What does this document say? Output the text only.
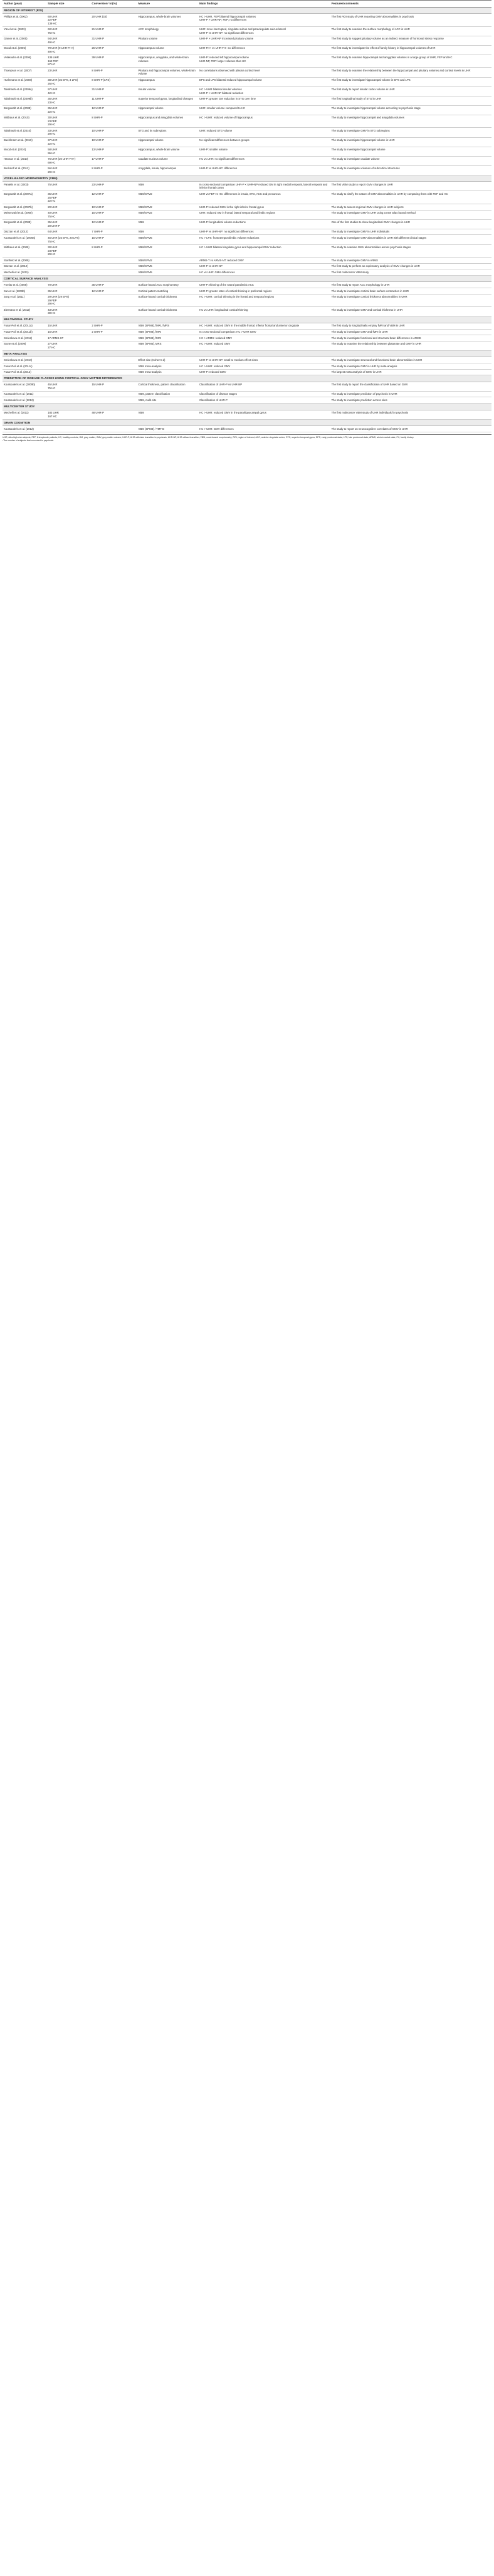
Author (year)	Sample size	Conversion¹ N (%)	Measure	Main findings	Features/comments
REGION OF INTEREST (ROI)					
Phillips et al. (2002)	60 UHR
22 FEP
139 HC	20 UHR (33)	Hippocampus, whole-brain volumes	HC > UHR, FEP bilateral hippocampal volumes
UHR-P > UHR-NP; FEP; no differences	The first ROI study of UHR reporting GMV abnormalities in psychosis
Yücel et al. (2003)	60 UHR
75 HC	21 UHR-P	ACC morphology	UHR: more interrupted, cingulate sulcus and paracingulate sulcus lateral
UHR-P vs UHR-NP: no significant differences	The first study to examine the surface morphology of ACC in UHR
Garner et al. (2005)	94 UHR
49 HC	31 UHR-P	Pituitary volume	UHR-P > UHR-NP increased pituitary volume	The first study to suggest pituitary volume as an indirect measure of hormonal stress response
Wood et al. (2005)	79 UHR (9 UHR-FH+)
49 HC	26 UHR-P	Hippocampus volume	UHR-FH+ vs UHR-FH-: no differences	The first study to investigate the effect of family history in hippocampal volumes of UHR
Velakoulis et al. (2006)	135 UHR
162 FEP
87 HC	39 UHR-P	Hippocampus, amygdala, and whole-brain volumes	UHR-P: reduced left hippocampal volume
UHR-NP, FEP: larger volumes than HC	The first study to examine hippocampal and amygdala volumes in a large group of UHR, FEP and HC
Thompson et al. (2007)	23 UHR	8 UHR-P	Pituitary and hippocampal volumes, whole-brain volume	No correlations observed with plasma cortisol level	The first study to examine the relationship between the hippocampal and pituitary volumes and cortisol levels in UHR
Hurlemann et al. (2008)	38 UHR (35 EPS, 3 LPS)
26 HC	8 UHR-P (LPS)	Hippocampus	EPS and LPS bilateral reduced hippocampal volume	The first study to investigate hippocampal volume in EPS and LPS
Takahashi et al. (2009a)	97 UHR
42 HC	31 UHR-P	Insular volume	HC > UHR bilateral insular volumes
UHR-P > UHR-NP bilateral reduction	The first study to report insular cortex volume in UHR
Takahashi et al. (2009b)	35 UHR
23 HC	11 UHR-P	Superior temporal gyrus, longitudinal changes	UHR-P: greater GM reduction in STG over time	The first longitudinal study of STG in UHR
Borgwardt et al. (2008)	35 UHR
22 HC	12 UHR-P	Hippocampal volume	UHR: smaller volume compared to HC	The study to investigate hippocampal volume according to psychosis stage
Witthaus et al. (2010)	30 UHR
23 FEP
29 HC	8 UHR-P	Hippocampus and amygdala volumes	HC > UHR: reduced volume of hippocampus	The study to investigate hippocampal and amygdala volumes
Takahashi et al. (2010)	33 UHR
29 HC	10 UHR-P	STG and its subregions	UHR: reduced STG volume	The study to investigate GMV in STG subregions
Buehlmann et al. (2010)	37 UHR
22 HC	10 UHR-P	Hippocampal volume	No significant differences between groups	The study to investigate hippocampal volume in UHR
Wood et al. (2010)	58 UHR
95 HC	13 UHR-P	Hippocampus, whole-brain volume	UHR-P: smaller volume	The study to investigate hippocampal volume
Hannan et al. (2010)	76 UHR (20 UHR-FH+)
69 HC	17 UHR-P	Caudate nucleus volume	HC vs UHR: no significant differences	The study to investigate caudate volume
Bechdolf et al. (2012)	56 UHR
29 HC	8 UHR-P	Amygdala, insula, hippocampus	UHR-P vs UHR-NP: differences	The study to investigate volumes of subcortical structures
VOXEL-BASED MORPHOMETRY (VBM)					
Pantelis et al. (2003)	75 UHR	23 UHR-P	VBM	In cross-sectional comparison UHR-P < UHR-NP reduced GM in right medial temporal, lateral temporal and inferior frontal cortex	The first VBM study to report GMV changes in UHR
Borgwardt et al. (2007a)	35 UHR
25 FEP
22 HC	12 UHR-P	VBM/SPM2	UHR vs FEP vs HC: differences in insula, STG, ACC and precuneus	The study to clarify the nature of GMV abnormalities in UHR by comparing them with FEP and HC
Borgwardt et al. (2007b)	20 UHR	10 UHR-P	VBM/SPM2	UHR-P: reduced GMV in the right inferior frontal gyrus	The study to assess regional GMV changes in UHR subjects
Meisenzahl et al. (2008)	40 UHR
75 HC	15 UHR-P	VBM/SPM2	UHR: reduced GM in frontal, lateral temporal and limbic regions	The study to investigate GMV in UHR using a new atlas based method
Borgwardt et al. (2008)	35 UHR
20 UHR-P	12 UHR-P	VBM	UHR-P: longitudinal volume reductions	One of the first studies to show longitudinal GMV changes in UHR
Dazzan et al. (2012)	64 UHR	7 UHR-P	VBM	UHR-P vs UHR-NP: no significant differences	The study to investigate GMV in UHR individuals
Koutsouleris et al. (2009a)	45 UHR (25 EPS, 20 LPS)
75 HC	15 UHR-P	VBM/SPM5	HC > LPS: frontotemporolimbic volume reductions	The study to investigate GMV abnormalities in UHR with different clinical stages
Witthaus et al. (2009)	30 UHR
23 FEP
29 HC	8 UHR-P	VBM/SPM2	HC > UHR bilateral cingulate gyrus and hippocampal GMV reduction	The study to examine GMV abnormalities across psychosis stages
Stanfield et al. (2009)			VBM/SPM2	ARMS-T vs ARMS-NT: reduced GMV	The study to investigate GMV in ARMS
Dazzan et al. (2012)			VBM/SPM5	UHR-P vs UHR-NP	The first study to perform an exploratory analysis of GMV changes in UHR
Mechelli et al. (2011)			VBM/SPM5	HC vs UHR: GMV differences	The first multicentre VBM study
CORTICAL SURFACE ANALYSIS					
Fornito et al. (2008)	70 UHR	35 UHR-P	Surface-based ACC morphometry	UHR-P: thinning of the rostral paralimbic ACC	The first study to report ACC morphology in UHR
Sun et al. (2009b)	35 UHR	12 UHR-P	Cortical pattern matching	UHR-P: greater rates of cortical thinning in prefrontal regions	The study to investigate cortical brain surface contraction in UHR
Jung et al. (2011)	29 UHR (29 EPS)
29 FEP
29 HC		Surface-based cortical thickness	HC > UHR: cortical thinning in the frontal and temporal regions	The study to investigate cortical thickness abnormalities in UHR
Ziermans et al. (2012)	43 UHR
30 HC		Surface-based cortical thickness	HC vs UHR: longitudinal cortical thinning	The study to investigate GMV and cortical thickness in UHR
MULTIMODAL STUDY					
Fusar-Poli et al. (2011a)	15 UHR	2 UHR-P	VBM (SPM8), fMRI, fMRS	HC > UHR: reduced GMV in the middle frontal, inferior frontal and anterior cingulate	The first study to longitudinally employ fMRI and VBM in UHR
Fusar-Poli et al. (2011b)	15 UHR	2 UHR-P	VBM (SPM8), fMRI	In cross-sectional comparison: HC > UHR GMV	The study to investigate GMV and fMRI in UHR
Smieskova et al. (2012)	17 ARMS-ST		VBM (SPM8), fMRI	HC > ARMS: reduced GMV	The study to investigate functional and structural brain differences in ARMS
Stone et al. (2009)	27 UHR
27 HC		VBM (SPM5), MRS	HC > UHR: reduced GMV	The study to examine the relationship between glutamate and GMV in UHR
META-ANALYSIS					
Smieskova et al. (2010)			Effect size (Cohen's d)	UHR-P vs UHR-NP: small to medium effect sizes	The study to investigate structural and functional brain abnormalities in UHR
Fusar-Poli et al. (2011c)			VBM meta-analysis	HC > UHR: reduced GMV	The study to investigate GMV in UHR by meta-analysis
Fusar-Poli et al. (2012)			VBM meta-analysis	UHR-P: reduced GMV	The largest meta-analysis of GMV in UHR
PREDICTION OF DISEASE CLASSES USING CORTICAL GRAY MATTER DIFFERENCES					
Koutsouleris et al. (2009b)	45 UHR
75 HC	15 UHR-P	Cortical thickness, pattern classification	Classification of UHR-P vs UHR-NP	The first study to report the classification of UHR based on GMV
Koutsouleris et al. (2011)			VBM, pattern classification	Classification of disease stages	The study to investigate prediction of psychosis in UHR
Koutsouleris et al. (2012)			VBM, multi-site	Classification of UHR-P	The study to investigate prediction across sites
MULTICENTER STUDY					
Mechelli et al. (2011)	182 UHR
167 HC	48 UHR-P	VBM	HC > UHR: reduced GMV in the parahippocampal gyrus	The first multicentre VBM study of UHR individuals for psychosis
GRAIN COGNITION					
Koutsouleris et al. (2012)			VBM (SPM8) / TMT-B	HC > UHR: GMV differences	The study to report on neurocognitive correlates of GMV in UHR
UHR, ultra-high-risk subjects; FEP, first-episode patients; HC, healthy controls; GM, gray matter; GMV, gray matter volume; UHR-P, UHR with later transition to psychosis; UHR-NP, UHR without transition; VBM, voxel-based morphometry; ROI, region of interest; ACC, anterior cingulate cortex; STG, superior temporal gyrus; EPS, early prodromal state; LPS, late prodromal state; ARMS, at-risk mental state; FH, family history.
¹The number of subjects that converted to psychosis.
